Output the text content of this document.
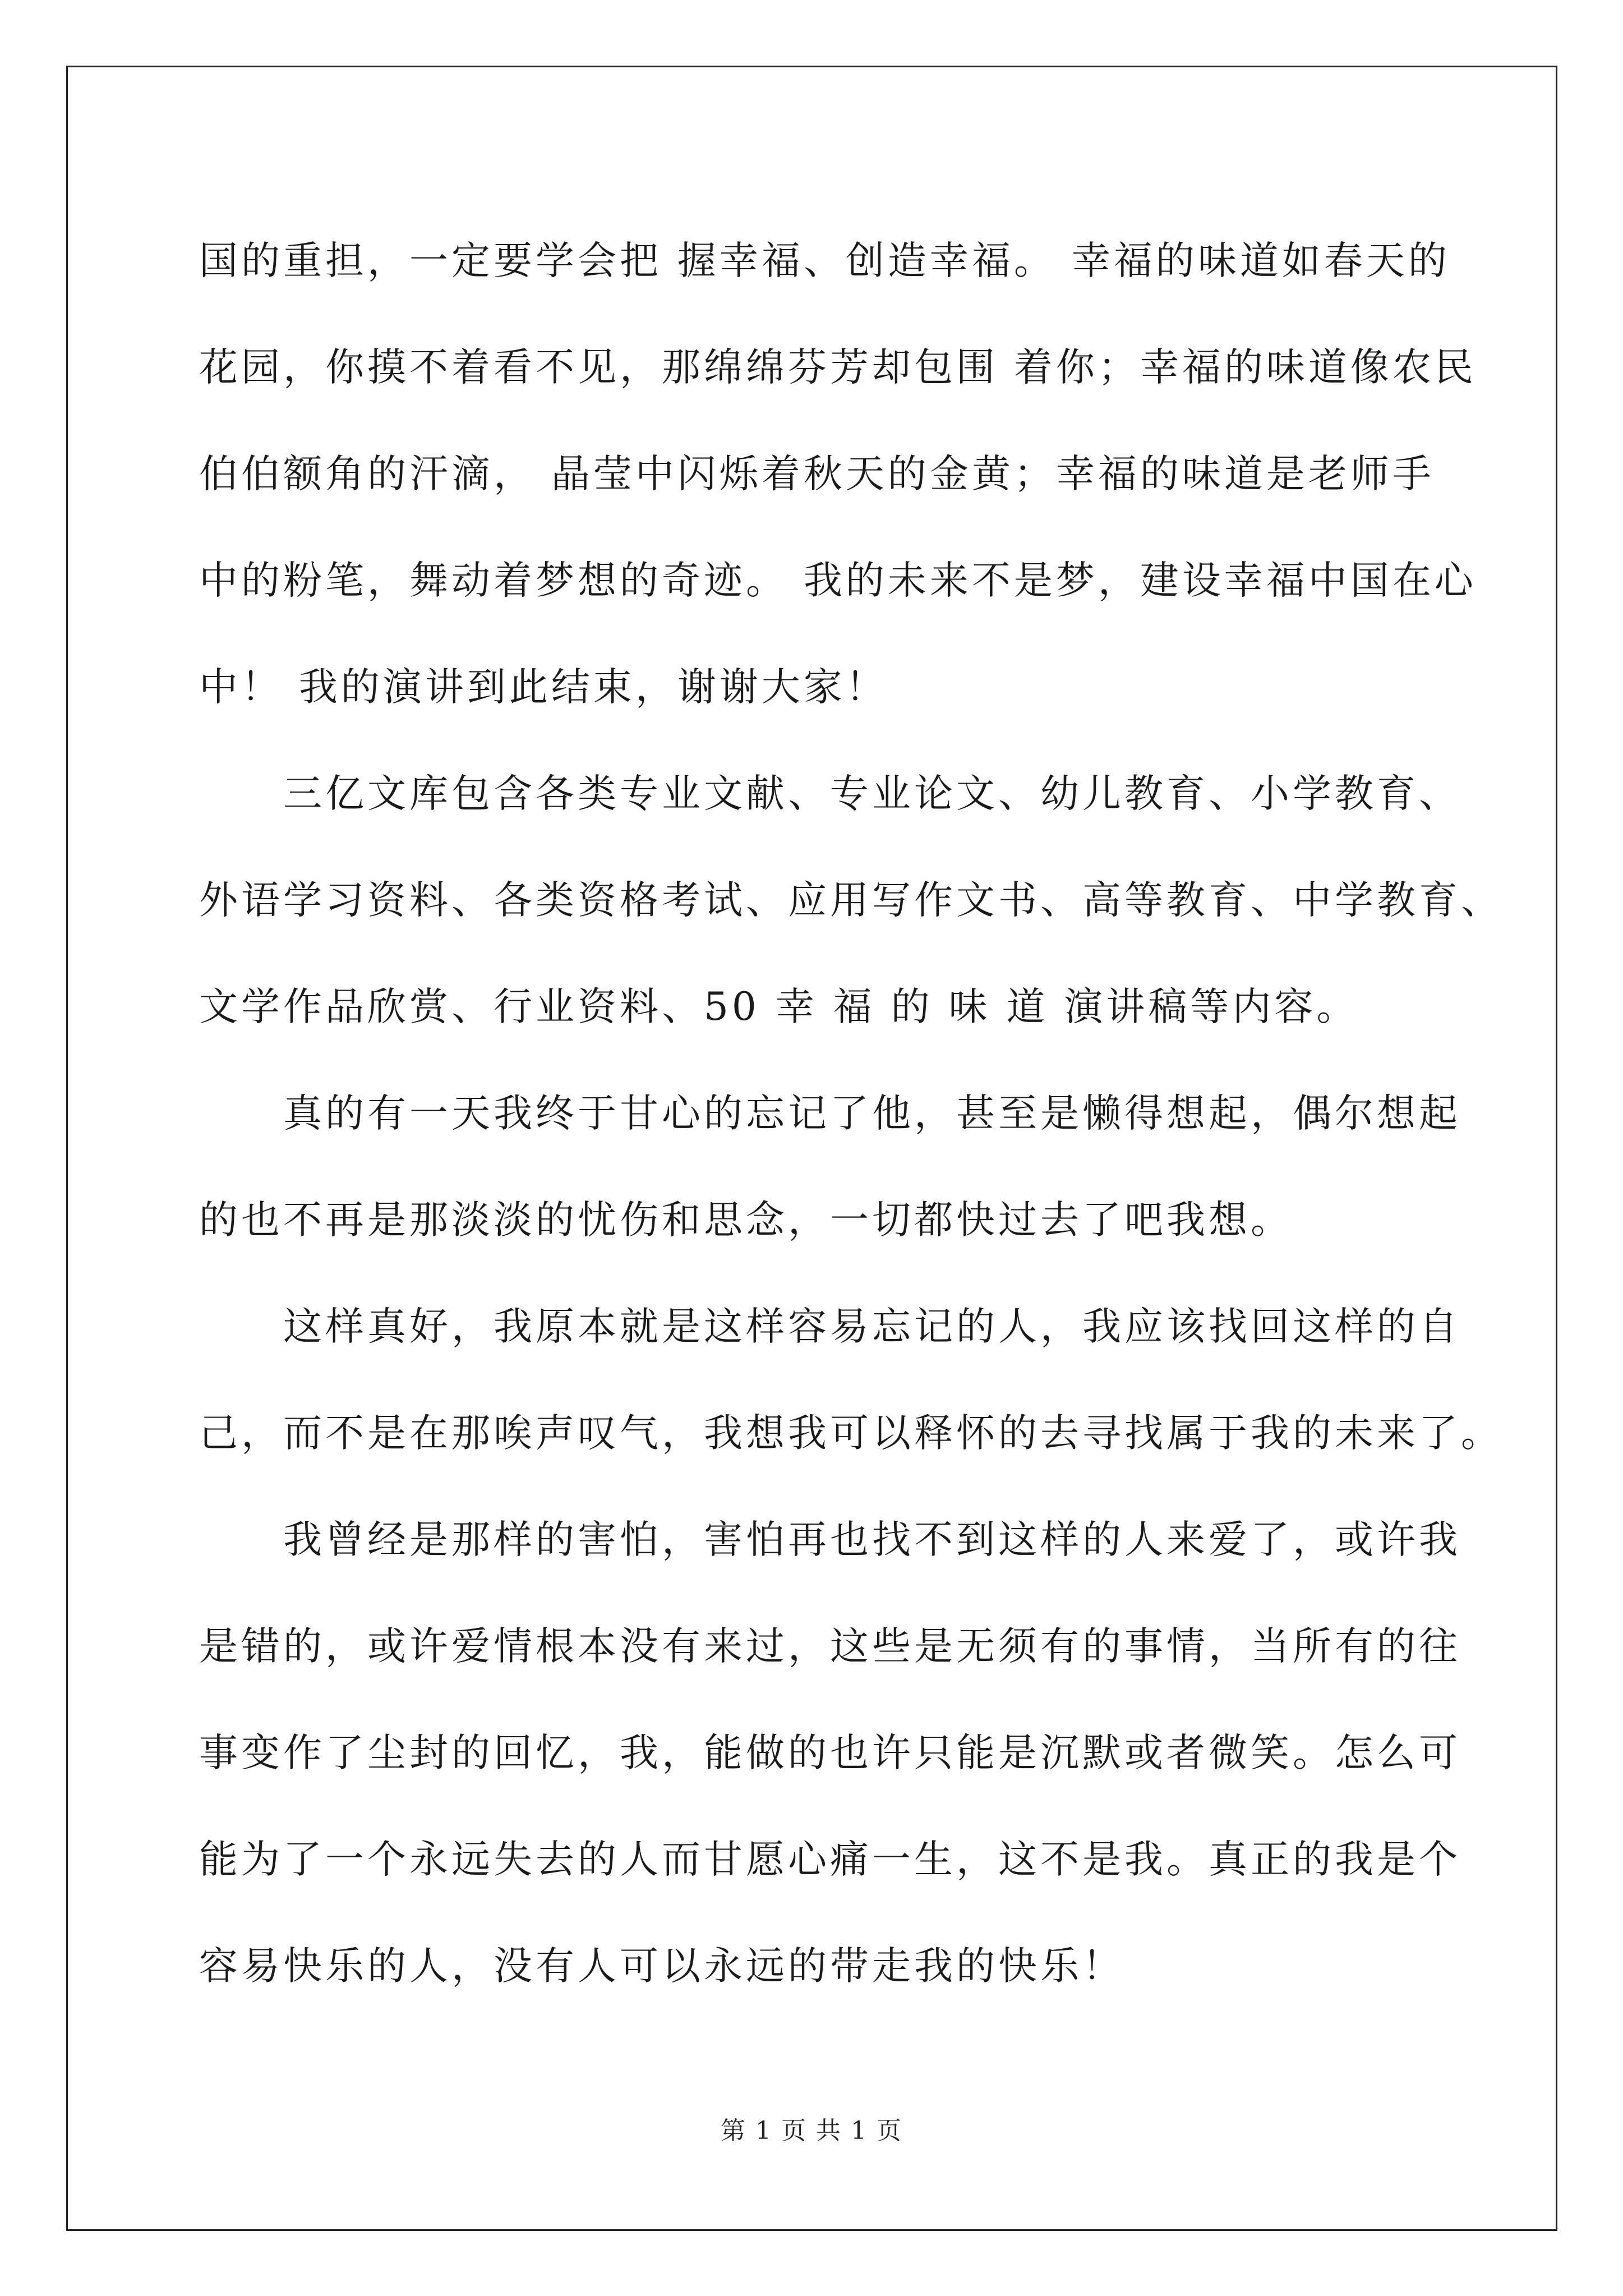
国的重担，一定要学会把 握幸福、创造幸福。 幸福的味道如春天的
花园，你摸不着看不见，那绵绵芬芳却包围 着你；幸福的味道像农民
伯伯额角的汗滴， 晶莹中闪烁着秋天的金黄；幸福的味道是老师手
中的粉笔，舞动着梦想的奇迹。 我的未来不是梦，建设幸福中国在心
中！ 我的演讲到此结束，谢谢大家！
三亿文库包含各类专业文献、专业论文、幼儿教育、小学教育、
外语学习资料、各类资格考试、应用写作文书、高等教育、中学教育、
文学作品欣赏、行业资料、50 幸 福 的 味 道 演讲稿等内容。
真的有一天我终于甘心的忘记了他，甚至是懒得想起，偶尔想起
的也不再是那淡淡的忧伤和思念，一切都快过去了吧我想。
这样真好，我原本就是这样容易忘记的人，我应该找回这样的自
己，而不是在那唉声叹气，我想我可以释怀的去寻找属于我的未来了。
我曾经是那样的害怕，害怕再也找不到这样的人来爱了，或许我
是错的，或许爱情根本没有来过，这些是无须有的事情，当所有的往
事变作了尘封的回忆，我，能做的也许只能是沉默或者微笑。怎么可
能为了一个永远失去的人而甘愿心痛一生，这不是我。真正的我是个
容易快乐的人，没有人可以永远的带走我的快乐！
第 1 页 共 1 页
